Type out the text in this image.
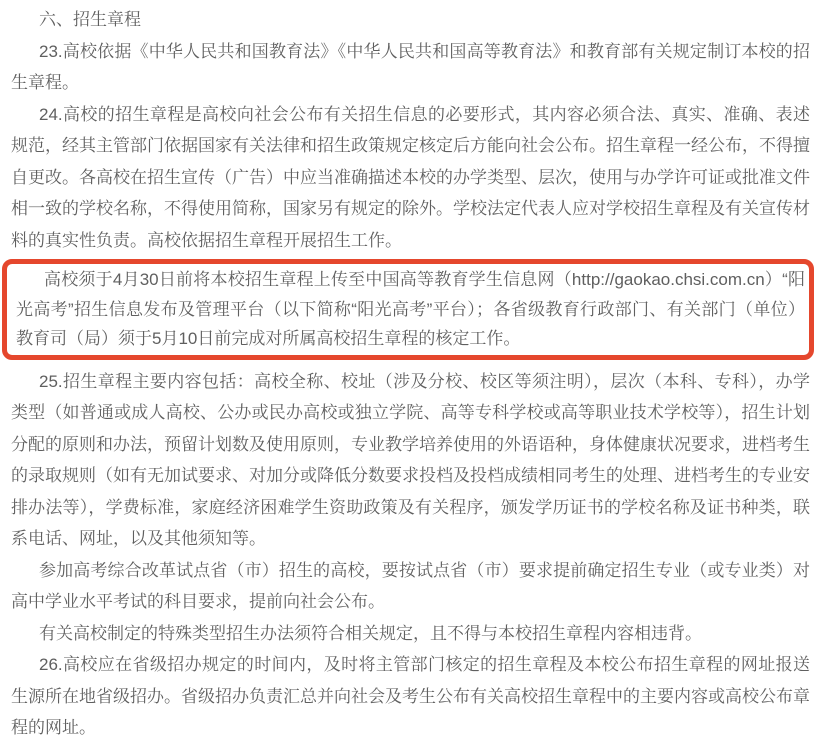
六、招生章程

23.高校依据《中华人民共和国教育法》《中华人民共和国高等教育法》和教育部有关规定制订本校的招生章程。

24.高校的招生章程是高校向社会公布有关招生信息的必要形式，其内容必须合法、真实、准确、表述规范，经其主管部门依据国家有关法律和招生政策规定核定后方能向社会公布。招生章程一经公布，不得擅自更改。各高校在招生宣传（广告）中应当准确描述本校的办学类型、层次，使用与办学许可证或批准文件相一致的学校名称，不得使用简称，国家另有规定的除外。学校法定代表人应对学校招生章程及有关宣传材料的真实性负责。高校依据招生章程开展招生工作。

高校须于4月30日前将本校招生章程上传至中国高等教育学生信息网（http://gaokao.chsi.com.cn）“阳光高考”招生信息发布及管理平台（以下简称“阳光高考”平台）；各省级教育行政部门、有关部门（单位）教育司（局）须于5月10日前完成对所属高校招生章程的核定工作。

25.招生章程主要内容包括：高校全称、校址（涉及分校、校区等须注明），层次（本科、专科），办学类型（如普通或成人高校、公办或民办高校或独立学院、高等专科学校或高等职业技术学校等），招生计划分配的原则和办法，预留计划数及使用原则，专业教学培养使用的外语语种，身体健康状况要求，进档考生的录取规则（如有无加试要求、对加分或降低分数要求投档及投档成绩相同考生的处理、进档考生的专业安排办法等），学费标准，家庭经济困难学生资助政策及有关程序，颁发学历证书的学校名称及证书种类，联系电话、网址，以及其他须知等。

参加高考综合改革试点省（市）招生的高校，要按试点省（市）要求提前确定招生专业（或专业类）对高中学业水平考试的科目要求，提前向社会公布。

有关高校制定的特殊类型招生办法须符合相关规定，且不得与本校招生章程内容相违背。

26.高校应在省级招办规定的时间内，及时将主管部门核定的招生章程及本校公布招生章程的网址报送生源所在地省级招办。省级招办负责汇总并向社会及考生公布有关高校招生章程中的主要内容或高校公布章程的网址。
